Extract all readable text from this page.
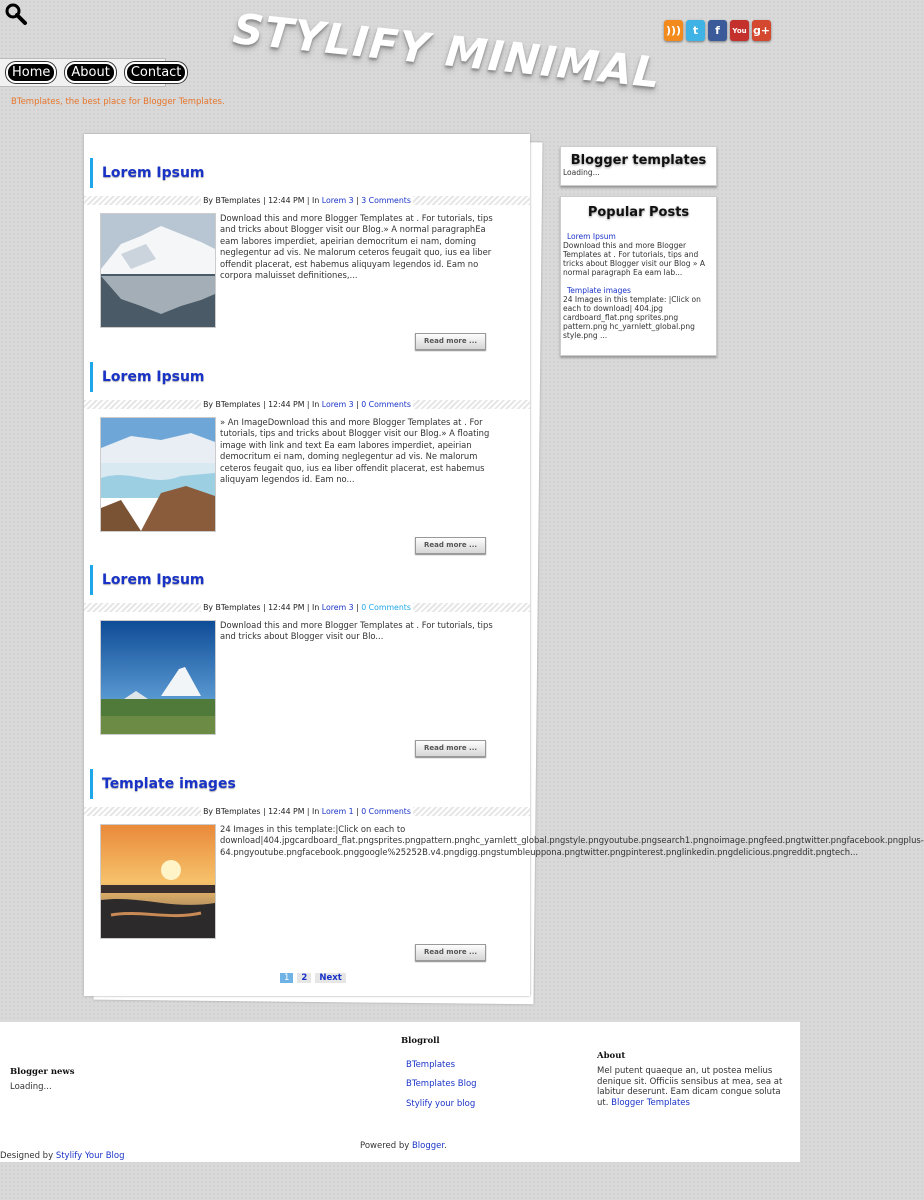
STYLIFY MINIMAL )))	t	f	You g+
Home	About	Contact
BTemplates, the best place for Blogger Templates.
Lorem Ipsum
By BTemplates | 12:44 PM | In Lorem 3 | 3 Comments
Download this and more Blogger Templates at . For tutorials, tips and tricks about Blogger visit our Blog.» A normal paragraphEa eam labores imperdiet, apeirian democritum ei nam, doming neglegentur ad vis. Ne malorum ceteros feugait quo, ius ea liber offendit placerat, est habemus aliquyam legendos id. Eam no corpora maluisset definitiones,...
Read more ...
Lorem Ipsum
By BTemplates | 12:44 PM | In Lorem 3 | 0 Comments
» An ImageDownload this and more Blogger Templates at . For tutorials, tips and tricks about Blogger visit our Blog.» A floating image with link and text Ea eam labores imperdiet, apeirian democritum ei nam, doming neglegentur ad vis. Ne malorum ceteros feugait quo, ius ea liber offendit placerat, est habemus aliquyam legendos id. Eam no...
Read more ...
Lorem Ipsum
By BTemplates | 12:44 PM | In Lorem 3 | 0 Comments
Download this and more Blogger Templates at . For tutorials, tips and tricks about Blogger visit our Blo...
Read more ...
Template images
By BTemplates | 12:44 PM | In Lorem 1 | 0 Comments
24 Images in this template:|Click on each to download|404.jpgcardboard_flat.pngsprites.pngpattern.pnghc_yarnlett_global.pngstyle.pngyoutube.pngsearch1.pngnoimage.pngfeed.pngtwitter.pngfacebook.pngplus-64.pngyoutube.pngfacebook.pnggoogle%25252B.v4.pngdigg.pngstumbleuppona.pngtwitter.pngpinterest.pnglinkedin.pngdelicious.pngreddit.pngtech...
Read more ...
1	2	Next
Blogger templates
Loading...
Popular Posts
Lorem Ipsum
Download this and more Blogger Templates at . For tutorials, tips and tricks about Blogger visit our Blog » A normal paragraph Ea eam lab...
Template images
24 Images in this template: |Click on each to download| 404.jpg cardboard_flat.png sprites.png pattern.png hc_yarnlett_global.png style.png ...
Blogger news
Loading...
Blogroll
BTemplates
BTemplates Blog
Stylify your blog
About
Mel putent quaeque an, ut postea melius denique sit. Officiis sensibus at mea, sea at labitur deserunt. Eam dicam congue soluta ut. Blogger Templates
Powered by Blogger.
Designed by Stylify Your Blog
